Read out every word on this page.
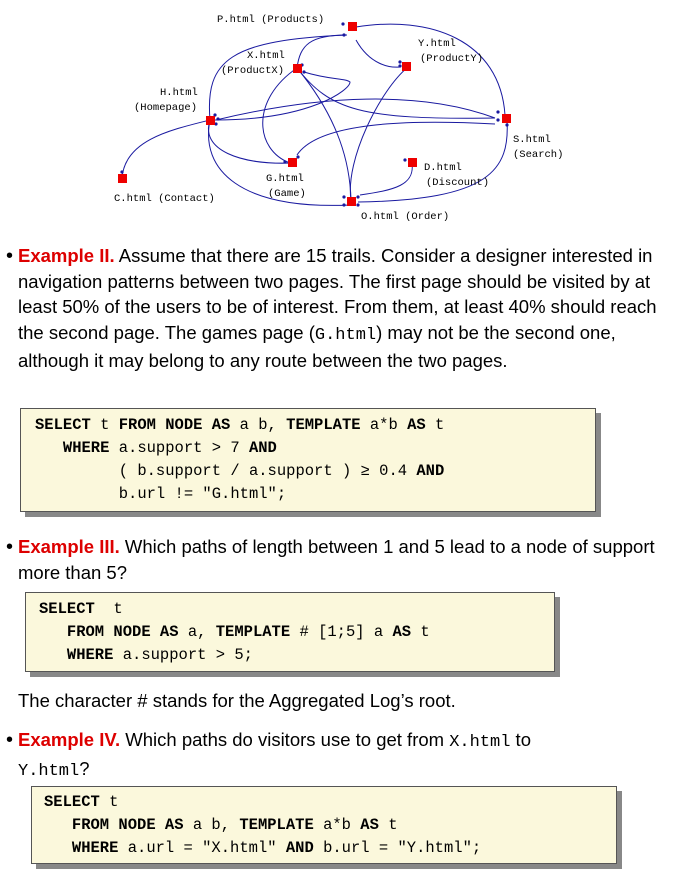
P.html (Products)
X.html
(ProductX)
Y.html
(ProductY)
H.html
(Homepage)
S.html
(Search)
G.html
(Game)
D.html
(Discount)
C.html (Contact)
O.html (Order)
• Example II. Assume that there are 15 trails. Consider a designer interested in navigation patterns between two pages. The first page should be visited by at least 50% of the users to be of interest. From them, at least 40% should reach the second page. The games page (G.html) may not be the second one, although it may belong to any route between the two pages.
SELECT t FROM NODE AS a b, TEMPLATE a*b AS t
WHERE a.support > 7 AND
( b.support / a.support ) ≥ 0.4 AND
b.url != "G.html";
• Example III. Which paths of length between 1 and 5 lead to a node of support more than 5?
SELECT  t
FROM NODE AS a, TEMPLATE # [1;5] a AS t
WHERE a.support > 5;
The character # stands for the Aggregated Log’s root.
• Example IV. Which paths do visitors use to get from X.html to
Y.html?
SELECT t
FROM NODE AS a b, TEMPLATE a*b AS t
WHERE a.url = "X.html" AND b.url = "Y.html";
